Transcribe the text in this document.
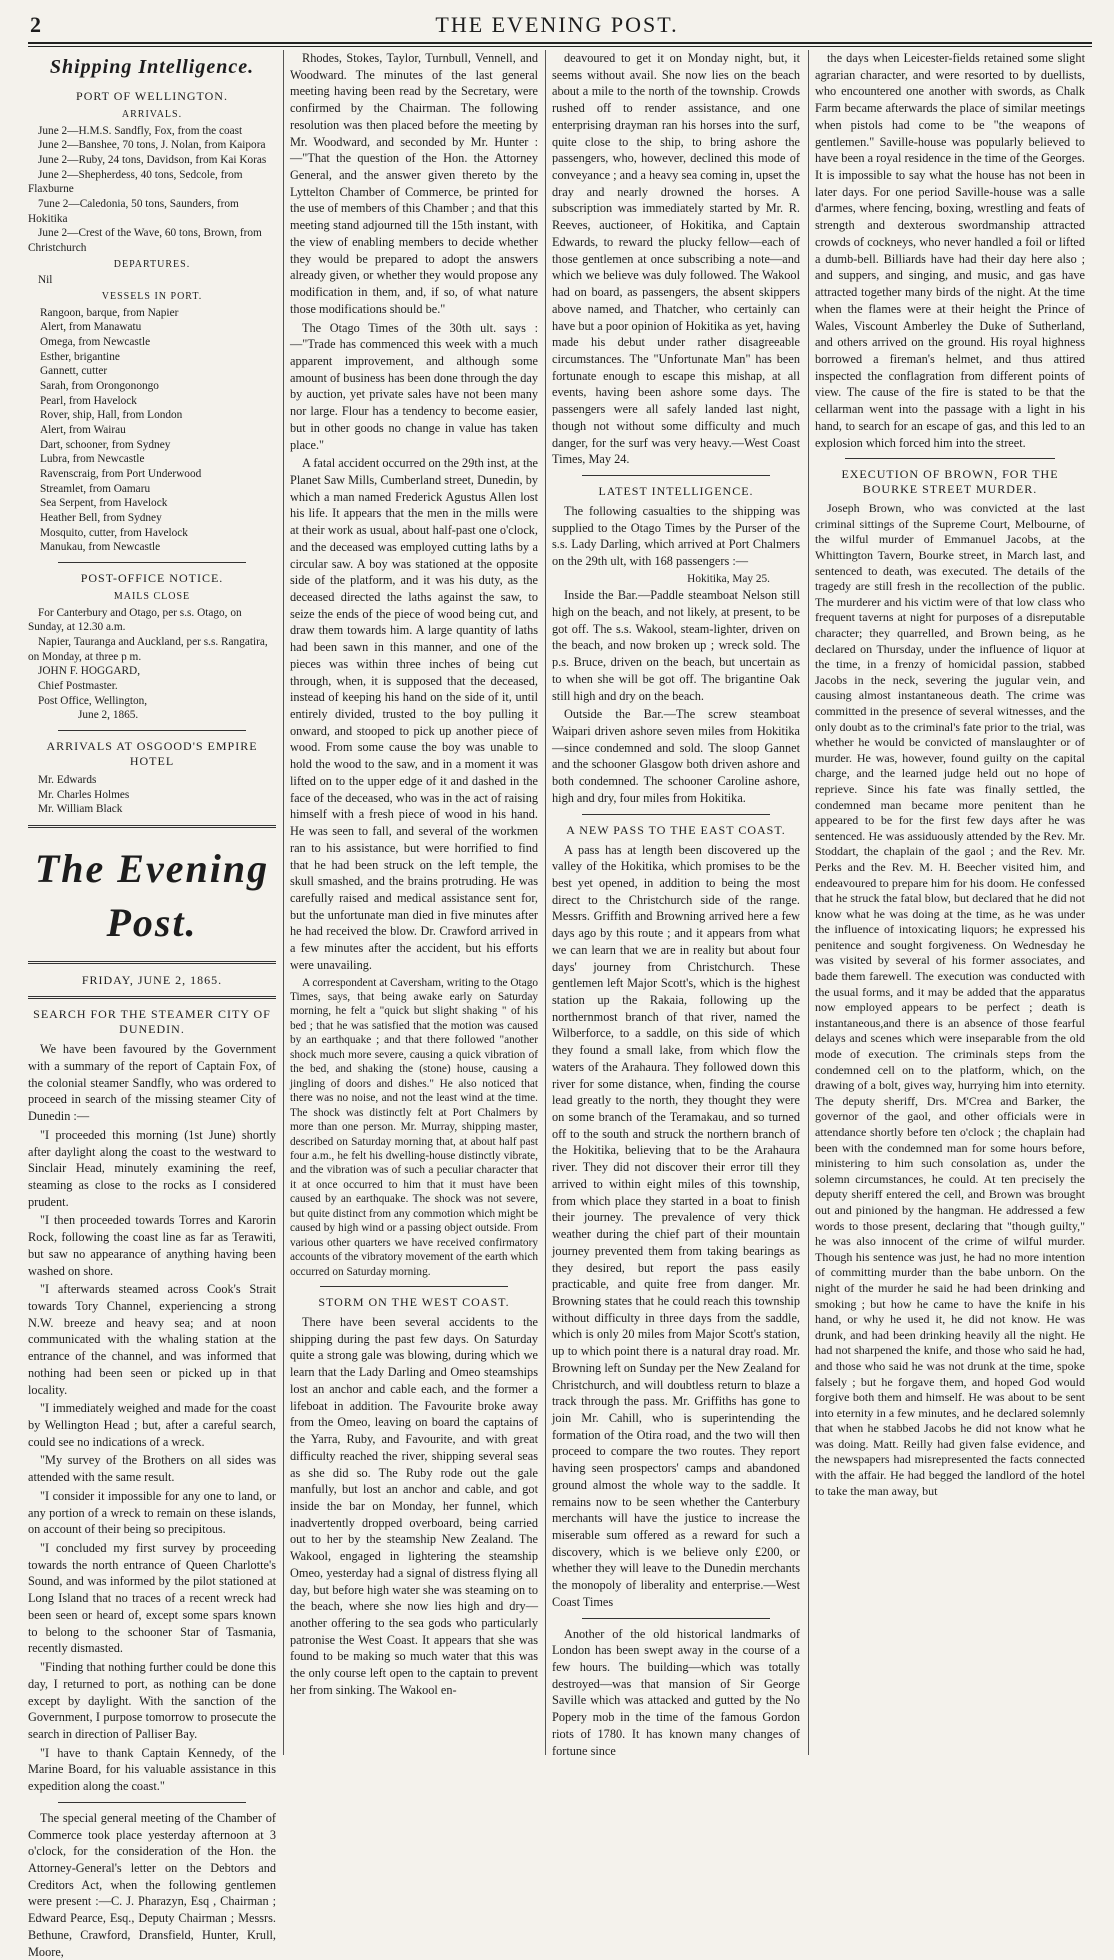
2	THE EVENING POST.
Shipping Intelligence.
PORT OF WELLINGTON.
ARRIVALS.

June 2—H.M.S. Sandfly, Fox, from the coast

June 2—Banshee, 70 tons, J. Nolan, from Kaipora

June 2—Ruby, 24 tons, Davidson, from Kai Koras

June 2—Shepherdess, 40 tons, Sedcole, from Flaxburne

7une 2—Caledonia, 50 tons, Saunders, from Hokitika

June 2—Crest of the Wave, 60 tons, Brown, from Christchurch

DEPARTURES.

Nil

VESSELS IN PORT.

Rangoon, barque, from Napier

Alert, from Manawatu

Omega, from Newcastle

Esther, brigantine

Gannett, cutter

Sarah, from Orongonongo

Pearl, from Havelock

Rover, ship, Hall, from London

Alert, from Wairau

Dart, schooner, from Sydney

Lubra, from Newcastle

Ravenscraig, from Port Underwood

Streamlet, from Oamaru

Sea Serpent, from Havelock

Heather Bell, from Sydney

Mosquito, cutter, from Havelock

Manukau, from Newcastle

POST-OFFICE NOTICE.
MAILS CLOSE

For Canterbury and Otago, per s.s. Otago, on Sunday, at 12.30 a.m.

Napier, Tauranga and Auckland, per s.s. Rangatira, on Monday, at three p m.

JOHN F. HOGGARD,

Chief Postmaster.

Post Office, Wellington,

June 2, 1865.

ARRIVALS AT OSGOOD'S EMPIRE HOTEL

Mr. Edwards

Mr. Charles Holmes

Mr. William Black

The Evening Post.
FRIDAY, JUNE 2, 1865.
SEARCH FOR THE STEAMER CITY OF DUNEDIN.

We have been favoured by the Government with a summary of the report of Captain Fox, of the colonial steamer Sandfly, who was ordered to proceed in search of the missing steamer City of Dunedin :—

"I proceeded this morning (1st June) shortly after daylight along the coast to the westward to Sinclair Head, minutely examining the reef, steaming as close to the rocks as I considered prudent.

"I then proceeded towards Torres and Karorin Rock, following the coast line as far as Terawiti, but saw no appearance of anything having been washed on shore.

"I afterwards steamed across Cook's Strait towards Tory Channel, experiencing a strong N.W. breeze and heavy sea; and at noon communicated with the whaling station at the entrance of the channel, and was informed that nothing had been seen or picked up in that locality.

"I immediately weighed and made for the coast by Wellington Head ; but, after a careful search, could see no indications of a wreck.

"My survey of the Brothers on all sides was attended with the same result.

"I consider it impossible for any one to land, or any portion of a wreck to remain on these islands, on account of their being so precipitous.

"I concluded my first survey by proceeding towards the north entrance of Queen Charlotte's Sound, and was informed by the pilot stationed at Long Island that no traces of a recent wreck had been seen or heard of, except some spars known to belong to the schooner Star of Tasmania, recently dismasted.

"Finding that nothing further could be done this day, I returned to port, as nothing can be done except by daylight. With the sanction of the Government, I purpose tomorrow to prosecute the search in direction of Palliser Bay.

"I have to thank Captain Kennedy, of the Marine Board, for his valuable assistance in this expedition along the coast."

The special general meeting of the Chamber of Commerce took place yesterday afternoon at 3 o'clock, for the consideration of the Hon. the Attorney-General's letter on the Debtors and Creditors Act, when the following gentlemen were present :—C. J. Pharazyn, Esq , Chairman ; Edward Pearce, Esq., Deputy Chairman ; Messrs. Bethune, Crawford, Dransfield, Hunter, Krull, Moore,

Rhodes, Stokes, Taylor, Turnbull, Vennell, and Woodward. The minutes of the last general meeting having been read by the Secretary, were confirmed by the Chairman. The following resolution was then placed before the meeting by Mr. Woodward, and seconded by Mr. Hunter :—"That the question of the Hon. the Attorney General, and the answer given thereto by the Lyttelton Chamber of Commerce, be printed for the use of members of this Chamber ; and that this meeting stand adjourned till the 15th instant, with the view of enabling members to decide whether they would be prepared to adopt the answers already given, or whether they would propose any modification in them, and, if so, of what nature those modifications should be."

The Otago Times of the 30th ult. says :—"Trade has commenced this week with a much apparent improvement, and although some amount of business has been done through the day by auction, yet private sales have not been many nor large. Flour has a tendency to become easier, but in other goods no change in value has taken place."

A fatal accident occurred on the 29th inst, at the Planet Saw Mills, Cumberland street, Dunedin, by which a man named Frederick Agustus Allen lost his life. It appears that the men in the mills were at their work as usual, about half-past one o'clock, and the deceased was employed cutting laths by a circular saw. A boy was stationed at the opposite side of the platform, and it was his duty, as the deceased directed the laths against the saw, to seize the ends of the piece of wood being cut, and draw them towards him. A large quantity of laths had been sawn in this manner, and one of the pieces was within three inches of being cut through, when, it is supposed that the deceased, instead of keeping his hand on the side of it, until entirely divided, trusted to the boy pulling it onward, and stooped to pick up another piece of wood. From some cause the boy was unable to hold the wood to the saw, and in a moment it was lifted on to the upper edge of it and dashed in the face of the deceased, who was in the act of raising himself with a fresh piece of wood in his hand. He was seen to fall, and several of the workmen ran to his assistance, but were horrified to find that he had been struck on the left temple, the skull smashed, and the brains protruding. He was carefully raised and medical assistance sent for, but the unfortunate man died in five minutes after he had received the blow. Dr. Crawford arrived in a few minutes after the accident, but his efforts were unavailing.

A correspondent at Caversham, writing to the Otago Times, says, that being awake early on Saturday morning, he felt a "quick but slight shaking " of his bed ; that he was satisfied that the motion was caused by an earthquake ; and that there followed "another shock much more severe, causing a quick vibration of the bed, and shaking the (stone) house, causing a jingling of doors and dishes." He also noticed that there was no noise, and not the least wind at the time. The shock was distinctly felt at Port Chalmers by more than one person. Mr. Murray, shipping master, described on Saturday morning that, at about half past four a.m., he felt his dwelling-house distinctly vibrate, and the vibration was of such a peculiar character that it at once occurred to him that it must have been caused by an earthquake. The shock was not severe, but quite distinct from any commotion which might be caused by high wind or a passing object outside. From various other quarters we have received confirmatory accounts of the vibratory movement of the earth which occurred on Saturday morning.

STORM ON THE WEST COAST.

There have been several accidents to the shipping during the past few days. On Saturday quite a strong gale was blowing, during which we learn that the Lady Darling and Omeo steamships lost an anchor and cable each, and the former a lifeboat in addition. The Favourite broke away from the Omeo, leaving on board the captains of the Yarra, Ruby, and Favourite, and with great difficulty reached the river, shipping several seas as she did so. The Ruby rode out the gale manfully, but lost an anchor and cable, and got inside the bar on Monday, her funnel, which inadvertently dropped overboard, being carried out to her by the steamship New Zealand. The Wakool, engaged in lightering the steamship Omeo, yesterday had a signal of distress flying all day, but before high water she was steaming on to the beach, where she now lies high and dry—another offering to the sea gods who particularly patronise the West Coast. It appears that she was found to be making so much water that this was the only course left open to the captain to prevent her from sinking. The Wakool en-

deavoured to get it on Monday night, but, it seems without avail. She now lies on the beach about a mile to the north of the township. Crowds rushed off to render assistance, and one enterprising drayman ran his horses into the surf, quite close to the ship, to bring ashore the passengers, who, however, declined this mode of conveyance ; and a heavy sea coming in, upset the dray and nearly drowned the horses. A subscription was immediately started by Mr. R. Reeves, auctioneer, of Hokitika, and Captain Edwards, to reward the plucky fellow—each of those gentlemen at once subscribing a note—and which we believe was duly followed. The Wakool had on board, as passengers, the absent skippers above named, and Thatcher, who certainly can have but a poor opinion of Hokitika as yet, having made his debut under rather disagreeable circumstances. The "Unfortunate Man" has been fortunate enough to escape this mishap, at all events, having been ashore some days. The passengers were all safely landed last night, though not without some difficulty and much danger, for the surf was very heavy.—West Coast Times, May 24.

LATEST INTELLIGENCE.

The following casualties to the shipping was supplied to the Otago Times by the Purser of the s.s. Lady Darling, which arrived at Port Chalmers on the 29th ult, with 168 passengers :—

Hokitika, May 25.

Inside the Bar.—Paddle steamboat Nelson still high on the beach, and not likely, at present, to be got off. The s.s. Wakool, steam-lighter, driven on the beach, and now broken up ; wreck sold. The p.s. Bruce, driven on the beach, but uncertain as to when she will be got off. The brigantine Oak still high and dry on the beach.

Outside the Bar.—The screw steamboat Waipari driven ashore seven miles from Hokitika—since condemned and sold. The sloop Gannet and the schooner Glasgow both driven ashore and both condemned. The schooner Caroline ashore, high and dry, four miles from Hokitika.

A NEW PASS TO THE EAST COAST.

A pass has at length been discovered up the valley of the Hokitika, which promises to be the best yet opened, in addition to being the most direct to the Christchurch side of the range. Messrs. Griffith and Browning arrived here a few days ago by this route ; and it appears from what we can learn that we are in reality but about four days' journey from Christchurch. These gentlemen left Major Scott's, which is the highest station up the Rakaia, following up the northernmost branch of that river, named the Wilberforce, to a saddle, on this side of which they found a small lake, from which flow the waters of the Arahaura. They followed down this river for some distance, when, finding the course lead greatly to the north, they thought they were on some branch of the Teramakau, and so turned off to the south and struck the northern branch of the Hokitika, believing that to be the Arahaura river. They did not discover their error till they arrived to within eight miles of this township, from which place they started in a boat to finish their journey. The prevalence of very thick weather during the chief part of their mountain journey prevented them from taking bearings as they desired, but report the pass easily practicable, and quite free from danger. Mr. Browning states that he could reach this township without difficulty in three days from the saddle, which is only 20 miles from Major Scott's station, up to which point there is a natural dray road. Mr. Browning left on Sunday per the New Zealand for Christchurch, and will doubtless return to blaze a track through the pass. Mr. Griffiths has gone to join Mr. Cahill, who is superintending the formation of the Otira road, and the two will then proceed to compare the two routes. They report having seen prospectors' camps and abandoned ground almost the whole way to the saddle. It remains now to be seen whether the Canterbury merchants will have the justice to increase the miserable sum offered as a reward for such a discovery, which is we believe only £200, or whether they will leave to the Dunedin merchants the monopoly of liberality and enterprise.—West Coast Times

Another of the old historical landmarks of London has been swept away in the course of a few hours. The building—which was totally destroyed—was that mansion of Sir George Saville which was attacked and gutted by the No Popery mob in the time of the famous Gordon riots of 1780. It has known many changes of fortune since

the days when Leicester-fields retained some slight agrarian character, and were resorted to by duellists, who encountered one another with swords, as Chalk Farm became afterwards the place of similar meetings when pistols had come to be "the weapons of gentlemen." Saville-house was popularly believed to have been a royal residence in the time of the Georges. It is impossible to say what the house has not been in later days. For one period Saville-house was a salle d'armes, where fencing, boxing, wrestling and feats of strength and dexterous swordmanship attracted crowds of cockneys, who never handled a foil or lifted a dumb-bell. Billiards have had their day here also ; and suppers, and singing, and music, and gas have attracted together many birds of the night. At the time when the flames were at their height the Prince of Wales, Viscount Amberley the Duke of Sutherland, and others arrived on the ground. His royal highness borrowed a fireman's helmet, and thus attired inspected the conflagration from different points of view. The cause of the fire is stated to be that the cellarman went into the passage with a light in his hand, to search for an escape of gas, and this led to an explosion which forced him into the street.

EXECUTION OF BROWN, FOR THE BOURKE STREET MURDER.

Joseph Brown, who was convicted at the last criminal sittings of the Supreme Court, Melbourne, of the wilful murder of Emmanuel Jacobs, at the Whittington Tavern, Bourke street, in March last, and sentenced to death, was executed. The details of the tragedy are still fresh in the recollection of the public. The murderer and his victim were of that low class who frequent taverns at night for purposes of a disreputable character; they quarrelled, and Brown being, as he declared on Thursday, under the influence of liquor at the time, in a frenzy of homicidal passion, stabbed Jacobs in the neck, severing the jugular vein, and causing almost instantaneous death. The crime was committed in the presence of several witnesses, and the only doubt as to the criminal's fate prior to the trial, was whether he would be convicted of manslaughter or of murder. He was, however, found guilty on the capital charge, and the learned judge held out no hope of reprieve. Since his fate was finally settled, the condemned man became more penitent than he appeared to be for the first few days after he was sentenced. He was assiduously attended by the Rev. Mr. Stoddart, the chaplain of the gaol ; and the Rev. Mr. Perks and the Rev. M. H. Beecher visited him, and endeavoured to prepare him for his doom. He confessed that he struck the fatal blow, but declared that he did not know what he was doing at the time, as he was under the influence of intoxicating liquors; he expressed his penitence and sought forgiveness. On Wednesday he was visited by several of his former associates, and bade them farewell. The execution was conducted with the usual forms, and it may be added that the apparatus now employed appears to be perfect ; death is instantaneous,and there is an absence of those fearful delays and scenes which were inseparable from the old mode of execution. The criminals steps from the condemned cell on to the platform, which, on the drawing of a bolt, gives way, hurrying him into eternity. The deputy sheriff, Drs. M'Crea and Barker, the governor of the gaol, and other officials were in attendance shortly before ten o'clock ; the chaplain had been with the condemned man for some hours before, ministering to him such consolation as, under the solemn circumstances, he could. At ten precisely the deputy sheriff entered the cell, and Brown was brought out and pinioned by the hangman. He addressed a few words to those present, declaring that "though guilty," he was also innocent of the crime of wilful murder. Though his sentence was just, he had no more intention of committing murder than the babe unborn. On the night of the murder he said he had been drinking and smoking ; but how he came to have the knife in his hand, or why he used it, he did not know. He was drunk, and had been drinking heavily all the night. He had not sharpened the knife, and those who said he had, and those who said he was not drunk at the time, spoke falsely ; but he forgave them, and hoped God would forgive both them and himself. He was about to be sent into eternity in a few minutes, and he declared solemnly that when he stabbed Jacobs he did not know what he was doing. Matt. Reilly had given false evidence, and the newspapers had misrepresented the facts connected with the affair. He had begged the landlord of the hotel to take the man away, but
